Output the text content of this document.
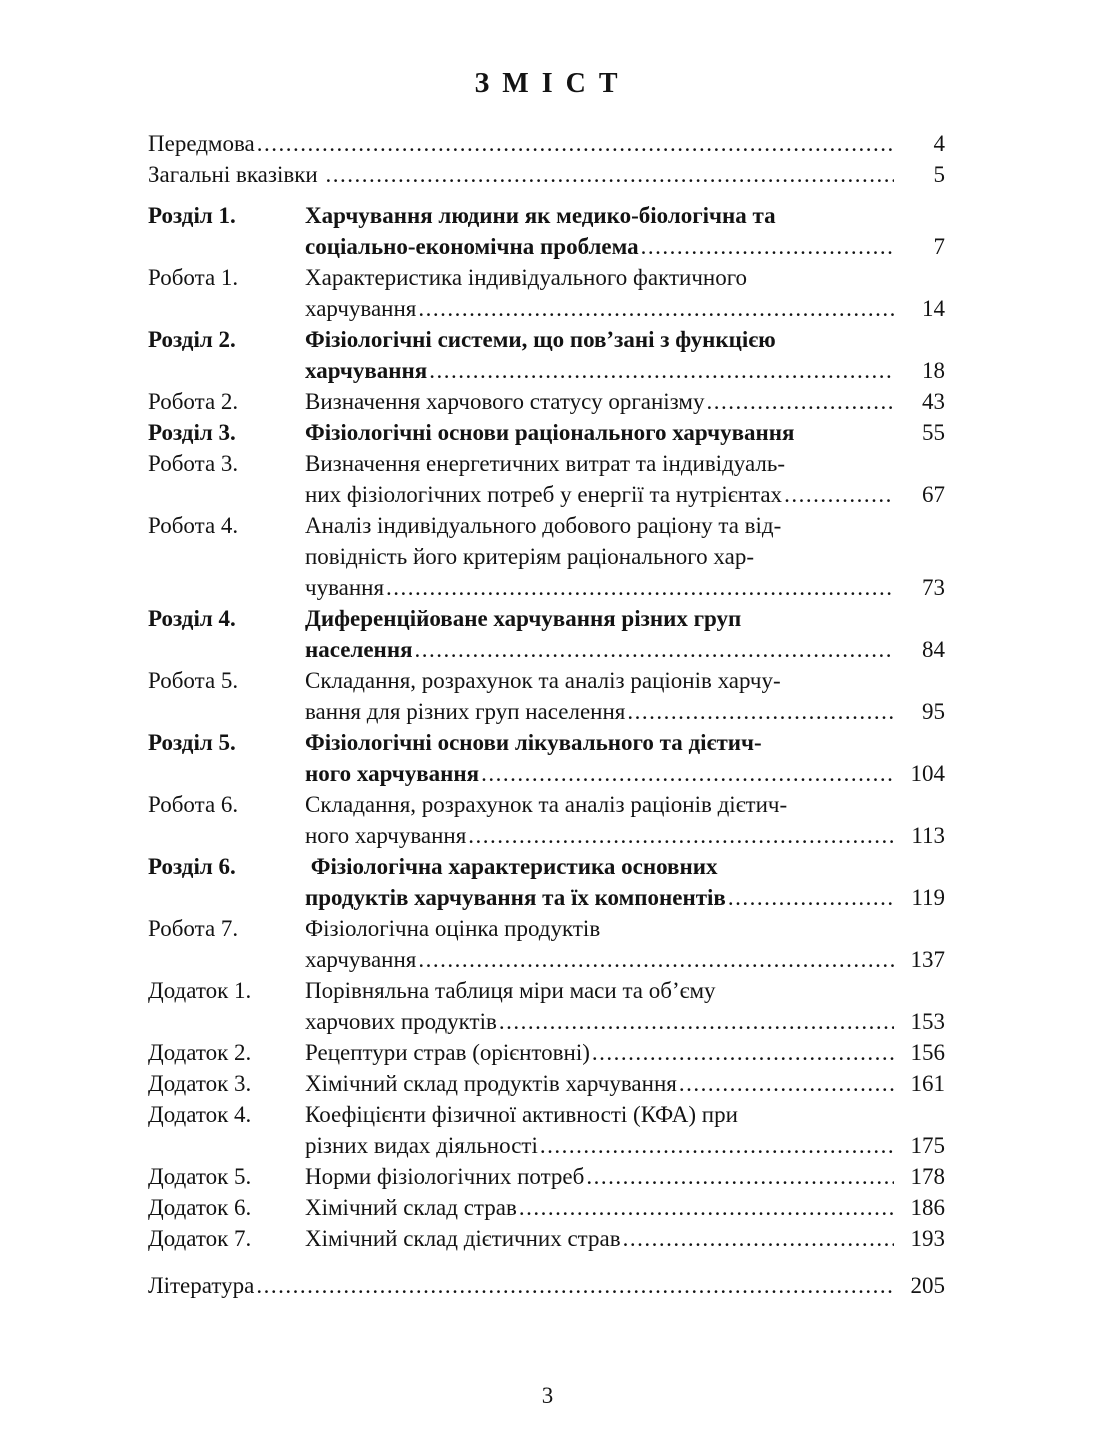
З М І С Т
Передмова .....	4
Загальні вказівки .....	5
Розділ 1.	Харчування людини як медико-біологічна та
соціально-економічна проблема .....	7
Робота 1.	Характеристика індивідуального фактичного
харчування .....	14
Розділ 2.	Фізіологічні системи, що пов’зані з функцією
харчування .....	18
Робота 2.	Визначення харчового статусу організму .....	43
Розділ 3.	Фізіологічні основи раціонального харчування	55
Робота 3.	Визначення енергетичних витрат та індивідуаль-
них фізіологічних потреб у енергії та нутрієнтах .....	67
Робота 4.	Аналіз індивідуального добового раціону та від-
повідність його критеріям раціонального хар-
чування .....	73
Розділ 4.	Диференційоване харчування різних груп
населення .....	84
Робота 5.	Складання, розрахунок та аналіз раціонів харчу-
вання для різних груп населення .....	95
Розділ 5.	Фізіологічні основи лікувального та дієтич-
ного харчування .....	104
Робота 6.	Складання, розрахунок та аналіз раціонів дієтич-
ного харчування .....	113
Розділ 6.	Фізіологічна характеристика основних
продуктів харчування та їх компонентів .....	119
Робота 7.	Фізіологічна оцінка продуктів
харчування .....	137
Додаток 1.	Порівняльна таблиця міри маси та об’єму
харчових продуктів .....	153
Додаток 2.	Рецептури страв (орієнтовні) .....	156
Додаток 3.	Хімічний склад продуктів харчування .....	161
Додаток 4.	Коефіцієнти фізичної активності (КФА) при
різних видах діяльності .....	175
Додаток 5.	Норми фізіологічних потреб .....	178
Додаток 6.	Хімічний склад страв .....	186
Додаток 7.	Хімічний склад дієтичних страв .....	193
Література .....	205
3
